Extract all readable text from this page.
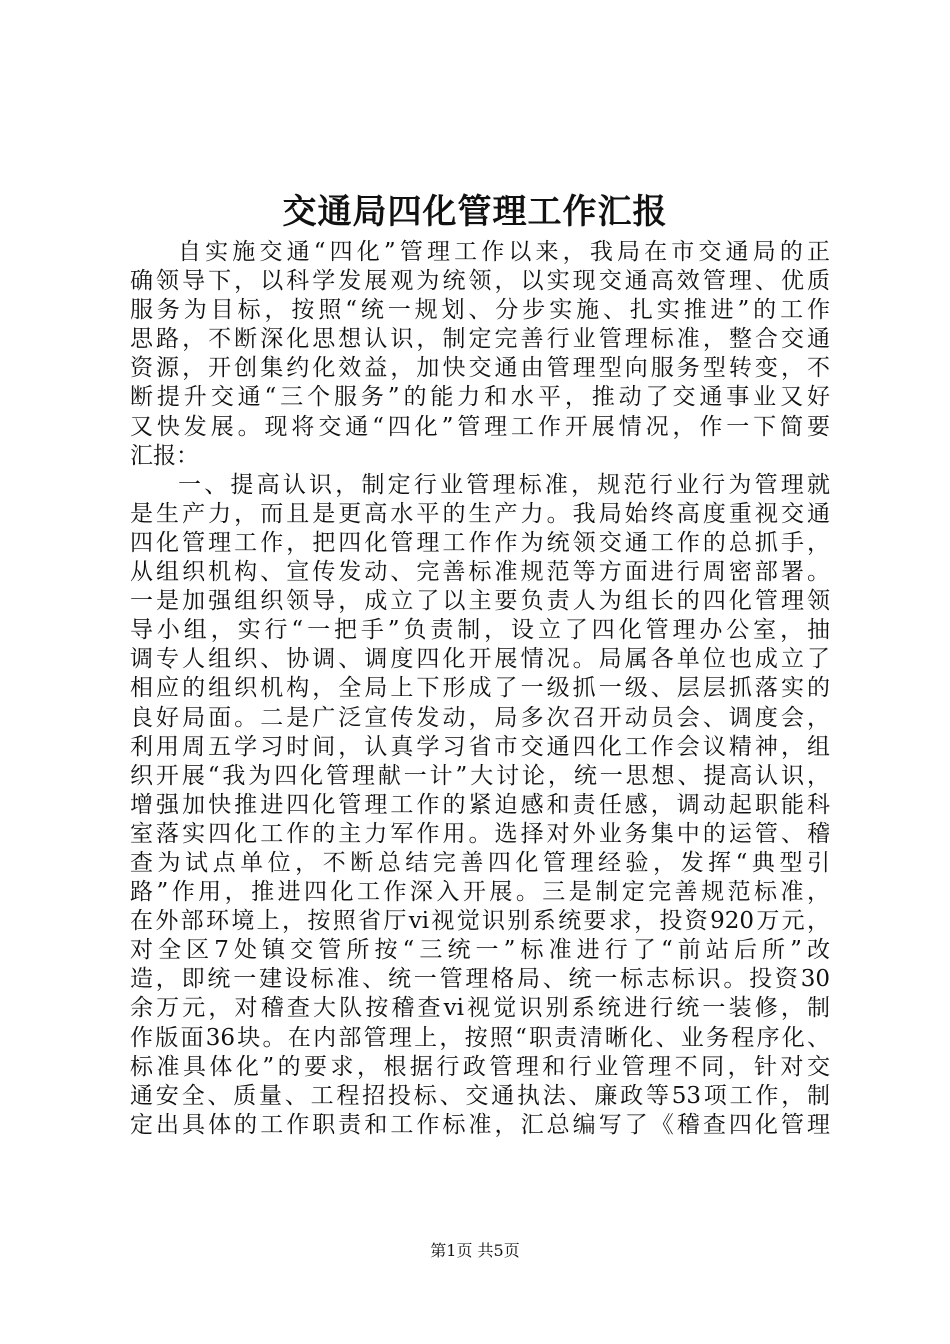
交通局四化管理工作汇报
自实施交通“四化”管理工作以来，我局在市交通局的正
确领导下，以科学发展观为统领，以实现交通高效管理、优质
服务为目标，按照“统一规划、分步实施、扎实推进”的工作
思路，不断深化思想认识，制定完善行业管理标准，整合交通
资源，开创集约化效益，加快交通由管理型向服务型转变，不
断提升交通“三个服务”的能力和水平，推动了交通事业又好
又快发展。现将交通“四化”管理工作开展情况，作一下简要
汇报：
一、提高认识，制定行业管理标准，规范行业行为管理就
是生产力，而且是更高水平的生产力。我局始终高度重视交通
四化管理工作，把四化管理工作作为统领交通工作的总抓手，
从组织机构、宣传发动、完善标准规范等方面进行周密部署。
一是加强组织领导，成立了以主要负责人为组长的四化管理领
导小组，实行“一把手”负责制，设立了四化管理办公室，抽
调专人组织、协调、调度四化开展情况。局属各单位也成立了
相应的组织机构，全局上下形成了一级抓一级、层层抓落实的
良好局面。二是广泛宣传发动，局多次召开动员会、调度会，
利用周五学习时间，认真学习省市交通四化工作会议精神，组
织开展“我为四化管理献一计”大讨论，统一思想、提高认识，
增强加快推进四化管理工作的紧迫感和责任感，调动起职能科
室落实四化工作的主力军作用。选择对外业务集中的运管、稽
查为试点单位，不断总结完善四化管理经验，发挥“典型引
路”作用，推进四化工作深入开展。三是制定完善规范标准，
在外部环境上，按照省厅vi视觉识别系统要求，投资920万元，
对全区7处镇交管所按“三统一”标准进行了“前站后所”改
造，即统一建设标准、统一管理格局、统一标志标识。投资30
余万元，对稽查大队按稽查vi视觉识别系统进行统一装修，制
作版面36块。在内部管理上，按照“职责清晰化、业务程序化、
标准具体化”的要求，根据行政管理和行业管理不同，针对交
通安全、质量、工程招投标、交通执法、廉政等53项工作，制
定出具体的工作职责和工作标准，汇总编写了《稽查四化管理
第1页 共5页
